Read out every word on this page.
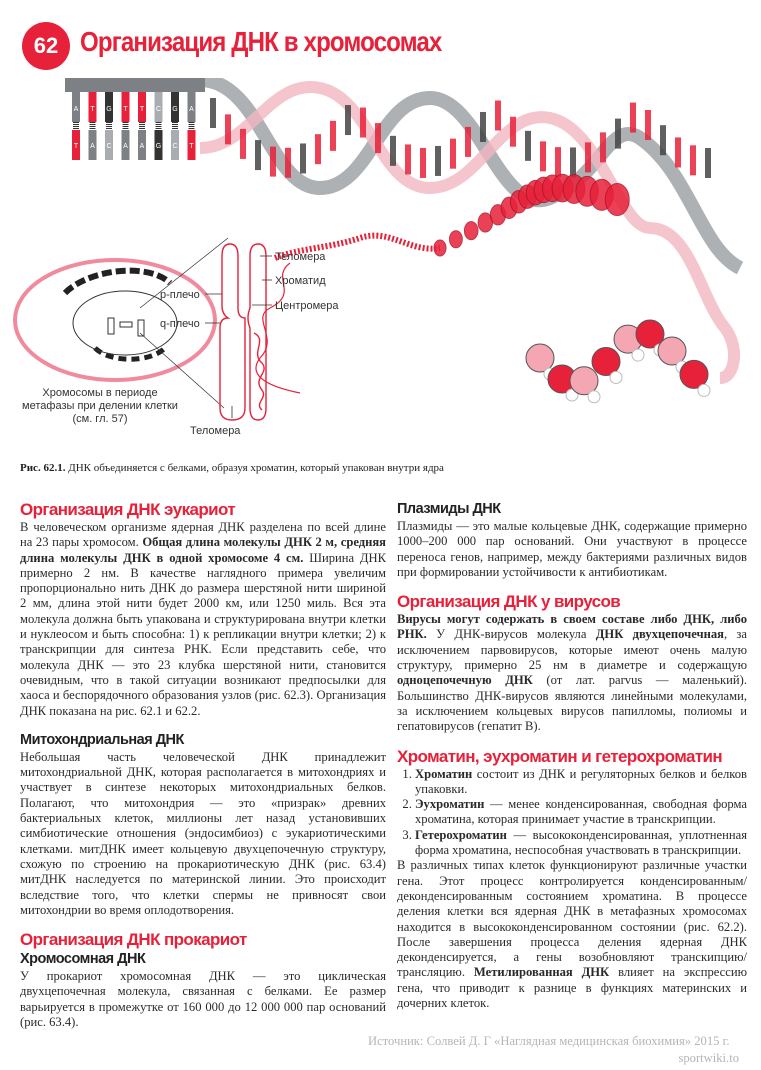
62 Организация ДНК в хромосомах
A
T
T
A
G
C
T
A
T
A
C
G
G
C
A
T
Теломера
Хроматид
Центромера
p-плечо
q-плечо
Теломера
Хромосомы в периоде
метафазы при делении клетки
(см. гл. 57)
Рис. 62.1. ДНК объединяется с белками, образуя хроматин, который упакован внутри ядра
Организация ДНК эукариот

В человеческом организме ядерная ДНК разделена по всей длине на 23 пары хромосом. Общая длина молекулы ДНК 2 м, средняя длина молекулы ДНК в одной хромосоме 4 см. Ширина ДНК примерно 2 нм. В качестве наглядного примера увеличим пропорционально нить ДНК до размера шерстяной нити шириной 2 мм, длина этой нити будет 2000 км, или 1250 миль. Вся эта молекула должна быть упакована и структурирована внутри клетки и нуклеосом и быть способна: 1) к репликации внутри клетки; 2) к транскрипции для синтеза РНК. Если представить себе, что молекула ДНК — это 23 клубка шерстяной нити, становится очевидным, что в такой ситуации возникают предпосылки для хаоса и беспорядочного образования узлов (рис. 62.3). Организация ДНК показана на рис. 62.1 и 62.2.

Митохондриальная ДНК

Небольшая часть человеческой ДНК принадлежит митохондриальной ДНК, которая располагается в митохондриях и участвует в синтезе некоторых митохондриальных белков. Полагают, что митохондрия — это «призрак» древних бактериальных клеток, миллионы лет назад установивших симбиотические отношения (эндосимбиоз) с эукариотическими клетками. митДНК имеет кольцевую двухцепочечную структуру, схожую по строению на прокариотическую ДНК (рис. 63.4) митДНК наследуется по материнской линии. Это происходит вследствие того, что клетки спермы не привносят свои митохондрии во время оплодотворения.

Организация ДНК прокариот
Хромосомная ДНК

У прокариот хромосомная ДНК — это циклическая двухцепочечная молекула, связанная с белками. Ее размер варьируется в промежутке от 160 000 до 12 000 000 пар оснований (рис. 63.4).

Плазмиды ДНК

Плазмиды — это малые кольцевые ДНК, содержащие примерно 1000–200 000 пар оснований. Они участвуют в процессе переноса генов, например, между бактериями различных видов при формировании устойчивости к антибиотикам.

Организация ДНК у вирусов

Вирусы могут содержать в своем составе либо ДНК, либо РНК. У ДНК-вирусов молекула ДНК двухцепочечная, за исключением парвовирусов, которые имеют очень малую структуру, примерно 25 нм в диаметре и содержащую одноцепочечную ДНК (от лат. parvus — маленький). Большинство ДНК-вирусов являются линейными молекулами, за исключением кольцевых вирусов папилломы, полиомы и гепатовирусов (гепатит В).

Хроматин, эухроматин и гетерохроматин
1. Хроматин состоит из ДНК и регуляторных белков и белков упаковки.
2. Эухроматин — менее конденсированная, свободная форма хроматина, которая принимает участие в транскрипции.
3. Гетерохроматин — высококонденсированная, уплотненная форма хроматина, неспособная участвовать в транскрипции.

В различных типах клеток функционируют различные участки гена. Этот процесс контролируется конденсированным/деконденсированным состоянием хроматина. В процессе деления клетки вся ядерная ДНК в метафазных хромосомах находится в высококонденсированном состоянии (рис. 62.2). После завершения процесса деления ядерная ДНК деконденсируется, а гены возобновляют транскипцию/трансляцию. Метилированная ДНК влияет на экспрессию гена, что приводит к разнице в функциях материнских и дочерних клеток.

Источник: Солвей Д. Г «Наглядная медицинская биохимия» 2015 г.
sportwiki.to
